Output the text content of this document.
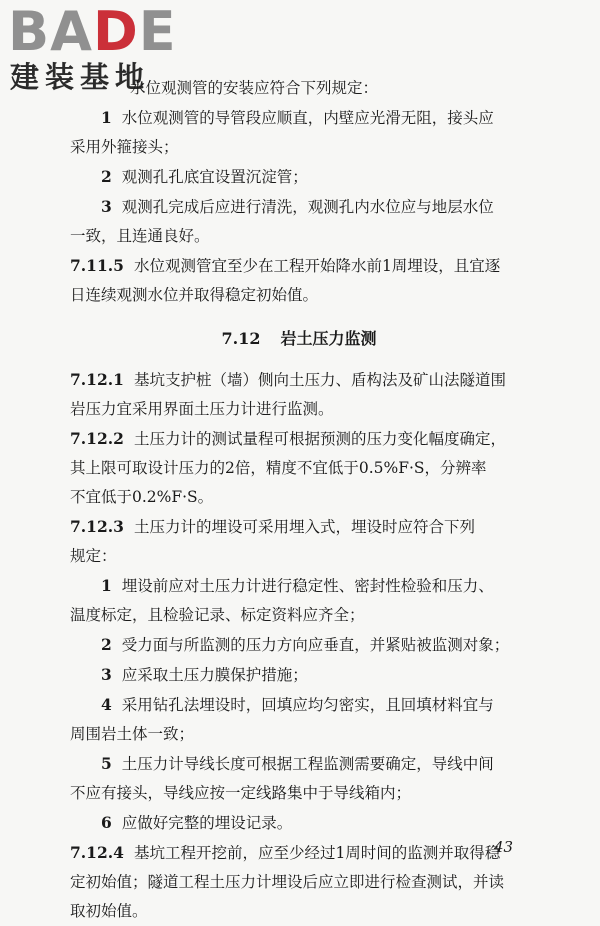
BADE
建装基地
水位观测管的安装应符合下列规定：
1 水位观测管的导管段应顺直，内壁应光滑无阻，接头应
采用外箍接头；
2 观测孔孔底宜设置沉淀管；
3 观测孔完成后应进行清洗，观测孔内水位应与地层水位
一致，且连通良好。
7.11.5 水位观测管宜至少在工程开始降水前1周埋设，且宜逐
日连续观测水位并取得稳定初始值。
7.12 岩土压力监测
7.12.1 基坑支护桩（墙）侧向土压力、盾构法及矿山法隧道围
岩压力宜采用界面土压力计进行监测。
7.12.2 土压力计的测试量程可根据预测的压力变化幅度确定，
其上限可取设计压力的2倍，精度不宜低于0.5%F·S，分辨率
不宜低于0.2%F·S。
7.12.3 土压力计的埋设可采用埋入式，埋设时应符合下列
规定：
1 埋设前应对土压力计进行稳定性、密封性检验和压力、
温度标定，且检验记录、标定资料应齐全；
2 受力面与所监测的压力方向应垂直，并紧贴被监测对象；
3 应采取土压力膜保护措施；
4 采用钻孔法埋设时，回填应均匀密实，且回填材料宜与
周围岩土体一致；
5 土压力计导线长度可根据工程监测需要确定，导线中间
不应有接头，导线应按一定线路集中于导线箱内；
6 应做好完整的埋设记录。
7.12.4 基坑工程开挖前，应至少经过1周时间的监测并取得稳
定初始值；隧道工程土压力计埋设后应立即进行检查测试，并读
取初始值。
43
